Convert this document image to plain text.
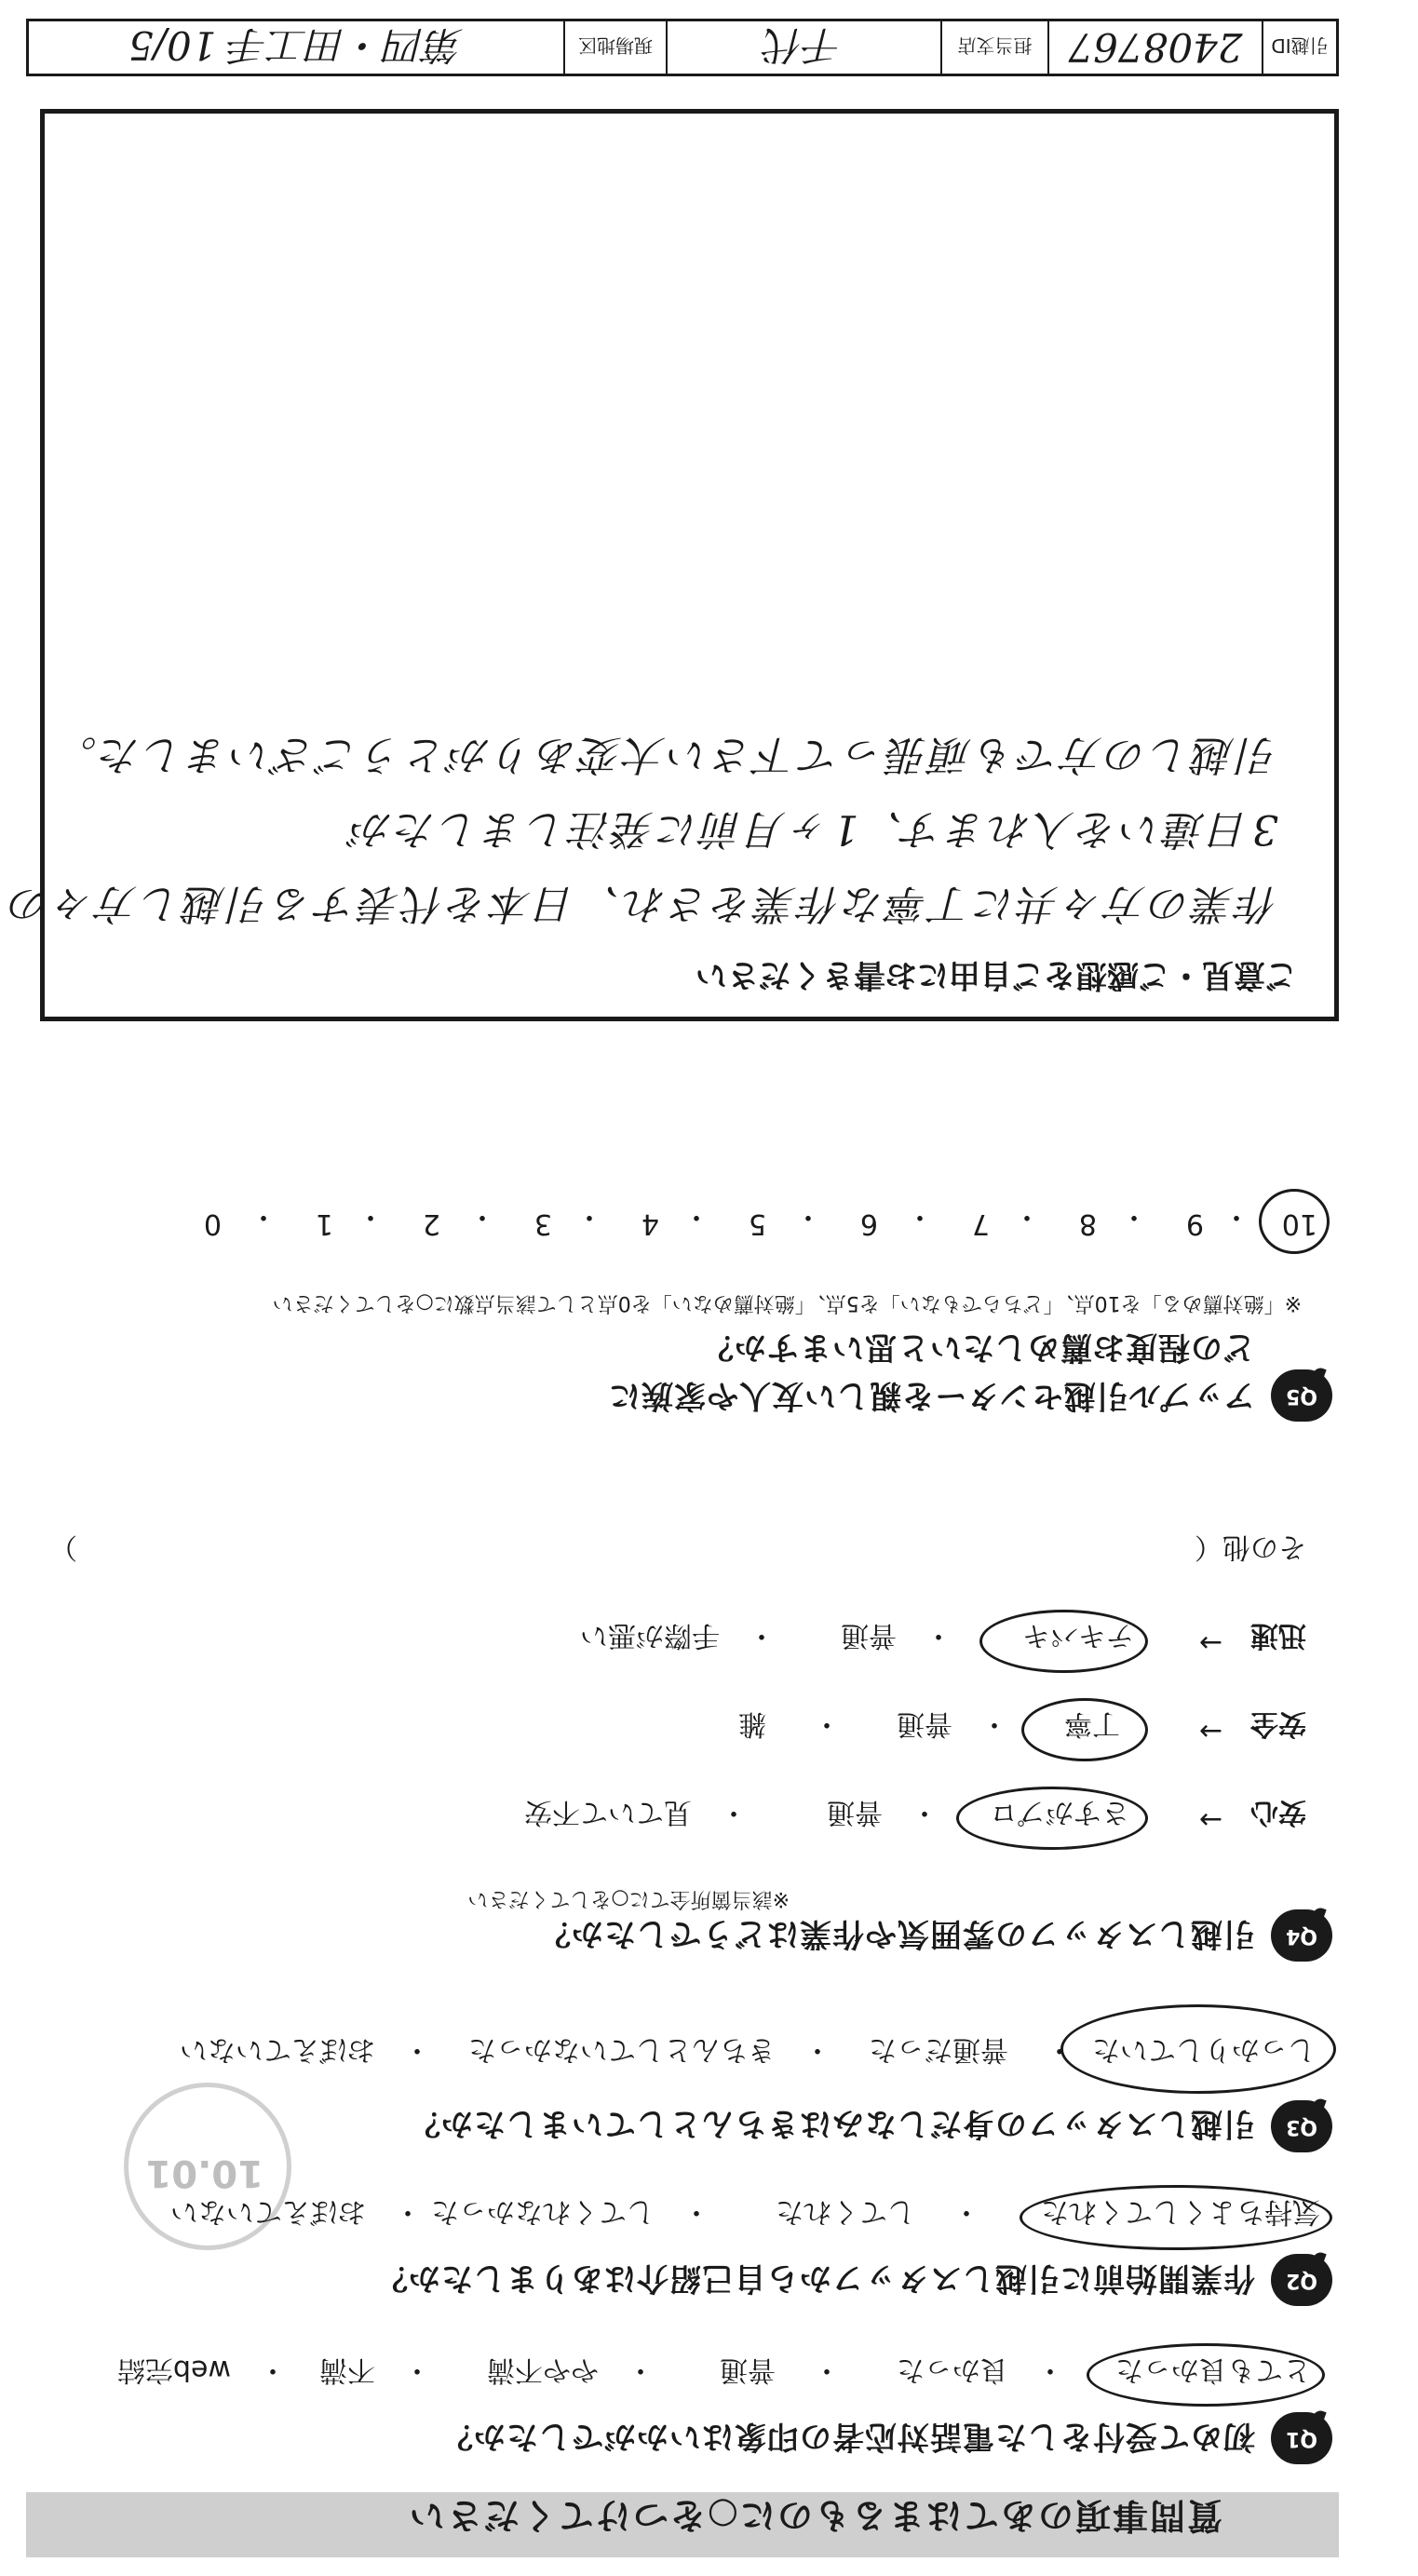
質問事項のあてはまるものに○をつけてください
Q1
初めて受付をした電話対応者の印象はいかがでしたか？
とても良かった
・
良かった
・
普通
・
やや不満
・
不満
・
web完結
Q2
作業開始前に引越しスタッフから自己紹介はありましたか？
気持ちよくしてくれた
・
してくれた
・
してくれなかった
・
おぼえていない
Q3
引越しスタッフの身だしなみはきちんとしていましたか？
しっかりしていた
・
普通だった
・
きちんとしていなかった
・
おぼえていない
Q4
引越しスタッフの雰囲気や作業はどうでしたか？
※該当箇所全てに○をしてください
安心
→
さすがプロ
・
普通
・
見ていて不安
安全
→
丁寧
・
普通
・
雑
迅速
→
テキパキ
・
普通
・
手際が悪い
その他（
）
Q5
アップル引越センターを親しい友人や家族に
どの程度お薦めしたいと思いますか？
※「絶対薦める」を10点、「どちらでもない」を5点、「絶対薦めない」を0点として該当点数に○をしてください
10
・
9
・
8
・
7
・
6
・
5
・
4
・
3
・
2
・
1
・
0
10.01
ご意見・ご感想をご自由にお書きください
作業の方々共に丁寧な作業をされ、日本を代表する引越し方々の
3日違いを入れます、1ヶ月前に発注しましたが
引越しの方でも頑張って下さい大変ありがとうございました。
引越ID
2408767
担当支店
千代
現場地区
第四・田工手 10/5
